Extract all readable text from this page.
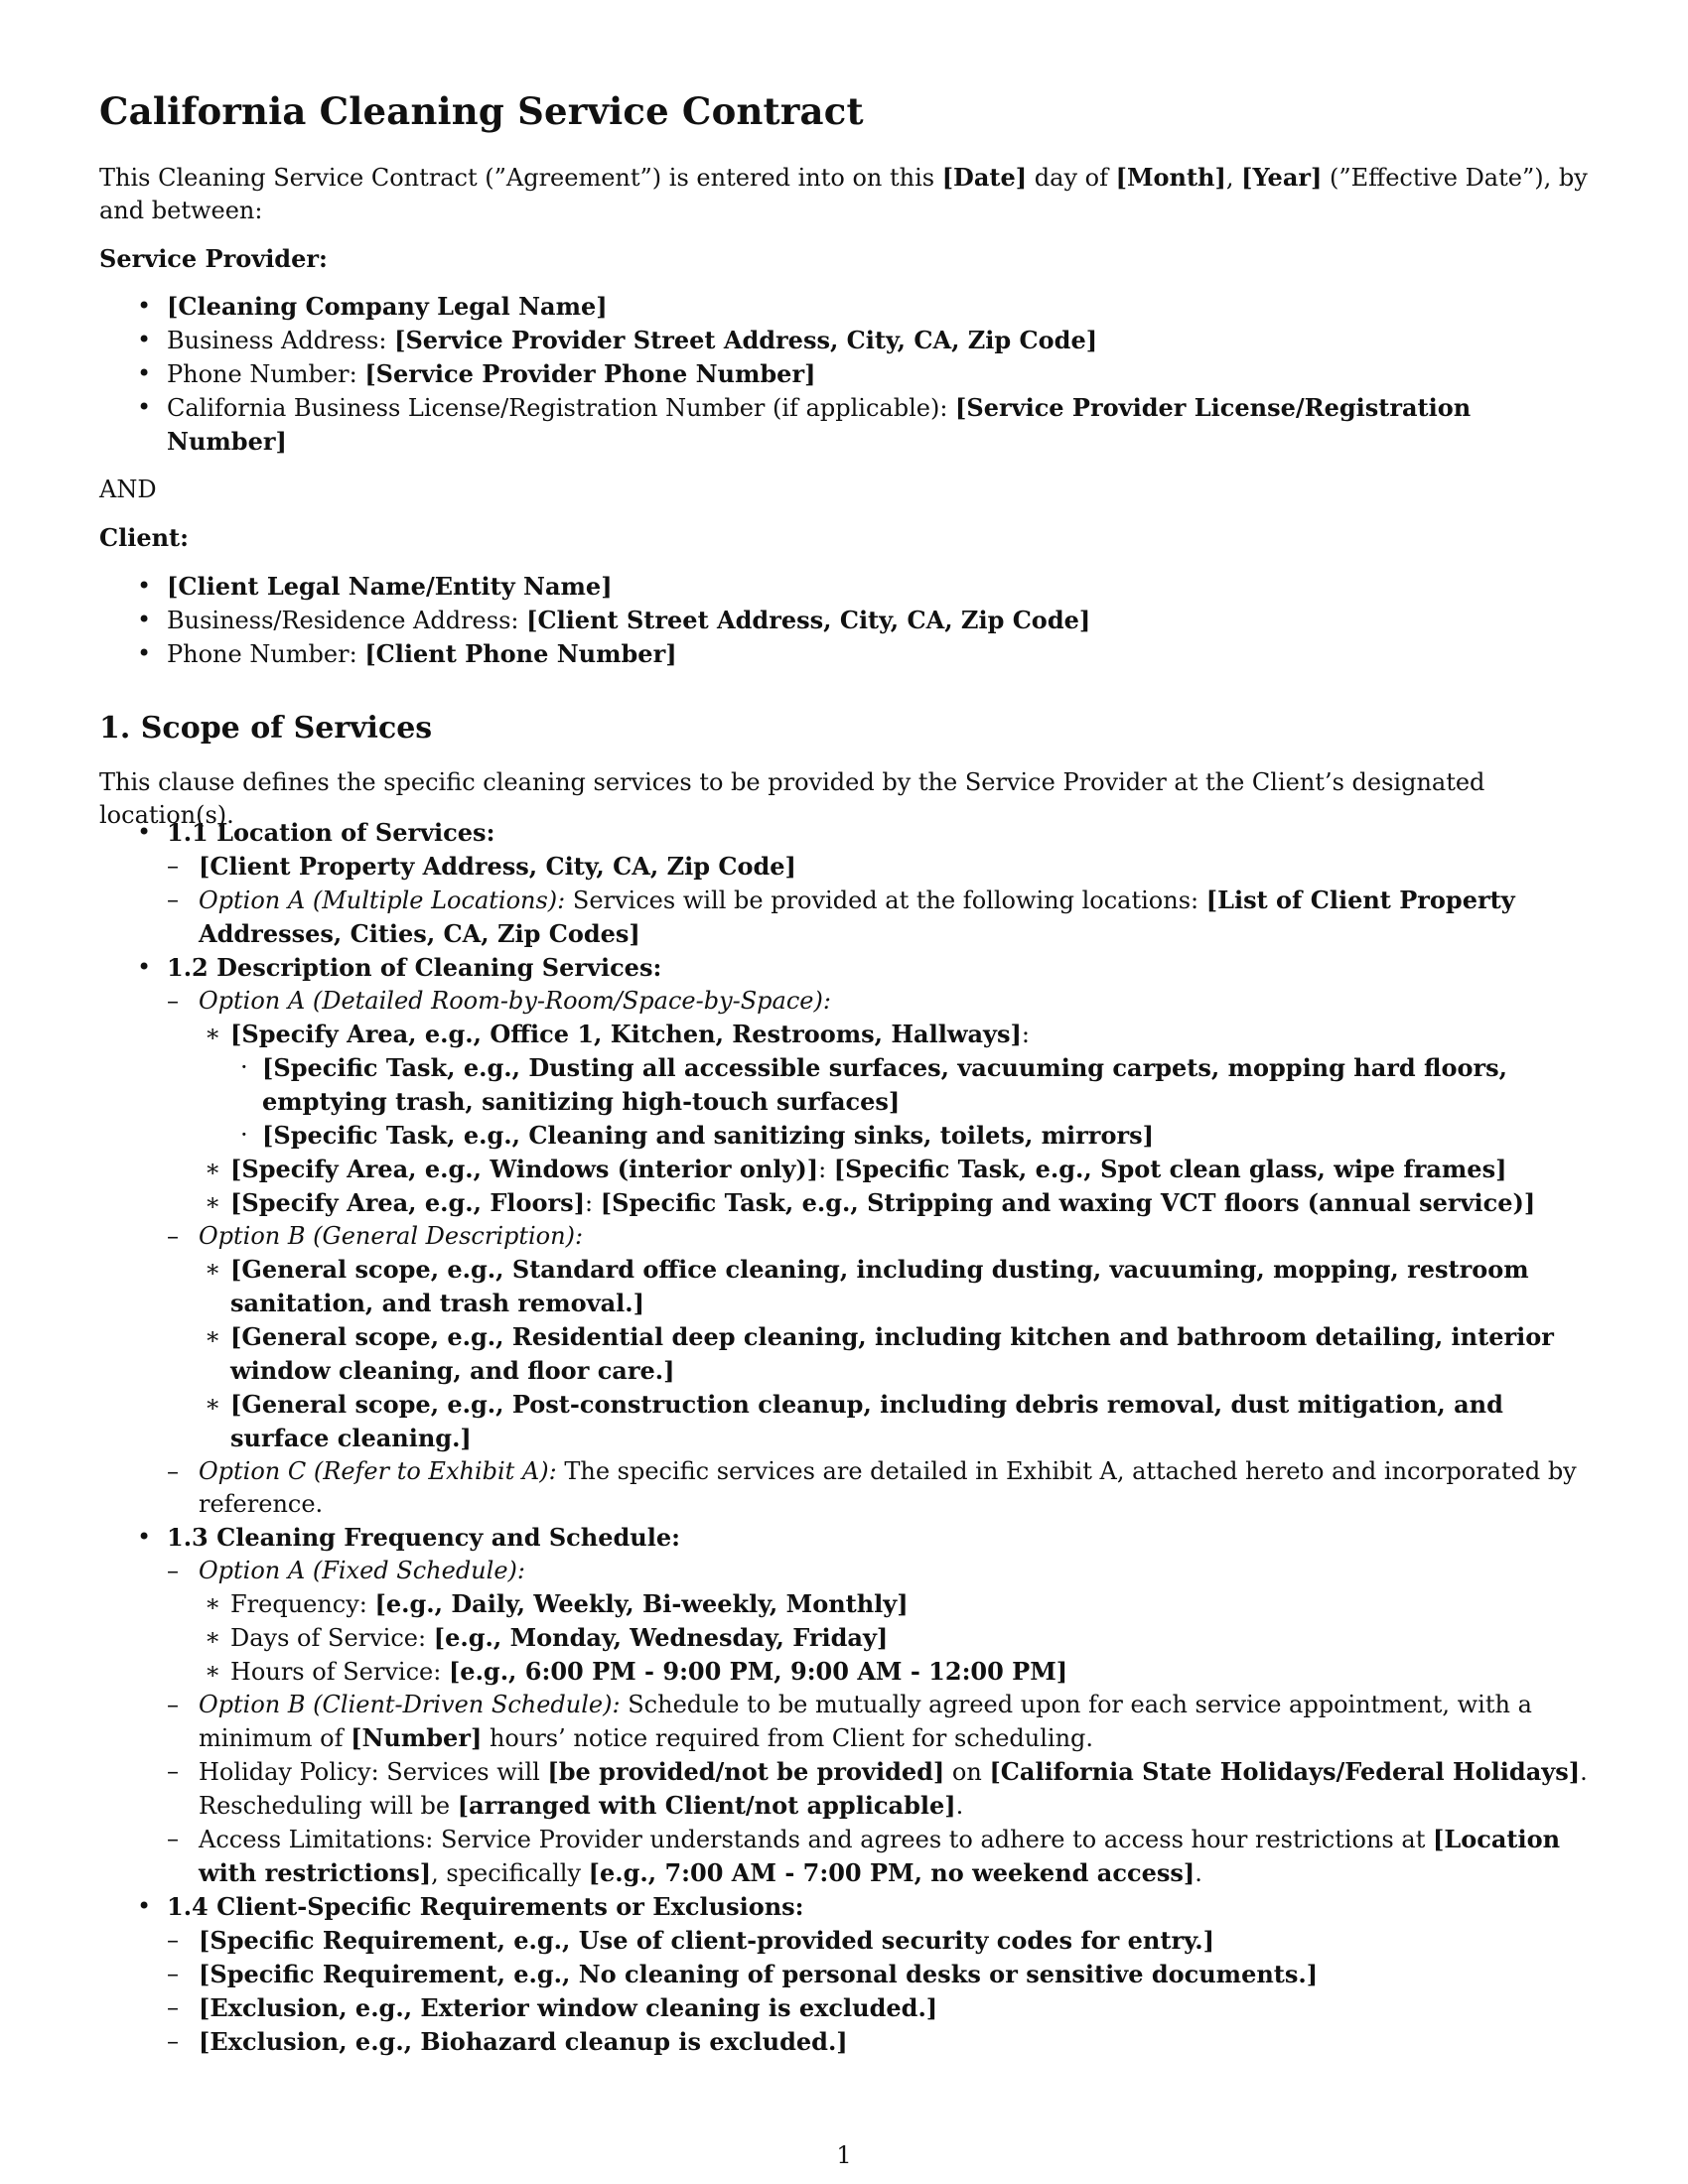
California Cleaning Service Contract
This Cleaning Service Contract (”Agreement”) is entered into on this [Date] day of [Month], [Year] (”Effective Date”), by and between:
Service Provider:
• [Cleaning Company Legal Name]
• Business Address: [Service Provider Street Address, City, CA, Zip Code]
• Phone Number: [Service Provider Phone Number]
• California Business License/Registration Number (if applicable): [Service Provider License/Registration Number]
AND
Client:
• [Client Legal Name/Entity Name]
• Business/Residence Address: [Client Street Address, City, CA, Zip Code]
• Phone Number: [Client Phone Number]
1. Scope of Services
This clause defines the specific cleaning services to be provided by the Service Provider at the Client’s designated location(s).
• 1.1 Location of Services:
– [Client Property Address, City, CA, Zip Code]
– Option A (Multiple Locations): Services will be provided at the following locations: [List of Client Property Addresses, Cities, CA, Zip Codes]
• 1.2 Description of Cleaning Services:
– Option A (Detailed Room-by-Room/Space-by-Space):
∗ [Specify Area, e.g., Office 1, Kitchen, Restrooms, Hallways]:
· [Specific Task, e.g., Dusting all accessible surfaces, vacuuming carpets, mopping hard floors, emptying trash, sanitizing high-touch surfaces]
· [Specific Task, e.g., Cleaning and sanitizing sinks, toilets, mirrors]
∗ [Specify Area, e.g., Windows (interior only)]: [Specific Task, e.g., Spot clean glass, wipe frames]
∗ [Specify Area, e.g., Floors]: [Specific Task, e.g., Stripping and waxing VCT floors (annual service)]
– Option B (General Description):
∗ [General scope, e.g., Standard office cleaning, including dusting, vacuuming, mopping, restroom sanitation, and trash removal.]
∗ [General scope, e.g., Residential deep cleaning, including kitchen and bathroom detailing, interior window cleaning, and floor care.]
∗ [General scope, e.g., Post-construction cleanup, including debris removal, dust mitigation, and surface cleaning.]
– Option C (Refer to Exhibit A): The specific services are detailed in Exhibit A, attached hereto and incorporated by reference.
• 1.3 Cleaning Frequency and Schedule:
– Option A (Fixed Schedule):
∗ Frequency: [e.g., Daily, Weekly, Bi-weekly, Monthly]
∗ Days of Service: [e.g., Monday, Wednesday, Friday]
∗ Hours of Service: [e.g., 6:00 PM - 9:00 PM, 9:00 AM - 12:00 PM]
– Option B (Client-Driven Schedule): Schedule to be mutually agreed upon for each service appointment, with a minimum of [Number] hours’ notice required from Client for scheduling.
– Holiday Policy: Services will [be provided/not be provided] on [California State Holidays/Federal Holidays]. Rescheduling will be [arranged with Client/not applicable].
– Access Limitations: Service Provider understands and agrees to adhere to access hour restrictions at [Location with restrictions], specifically [e.g., 7:00 AM - 7:00 PM, no weekend access].
• 1.4 Client-Specific Requirements or Exclusions:
– [Specific Requirement, e.g., Use of client-provided security codes for entry.]
– [Specific Requirement, e.g., No cleaning of personal desks or sensitive documents.]
– [Exclusion, e.g., Exterior window cleaning is excluded.]
– [Exclusion, e.g., Biohazard cleanup is excluded.]
1
